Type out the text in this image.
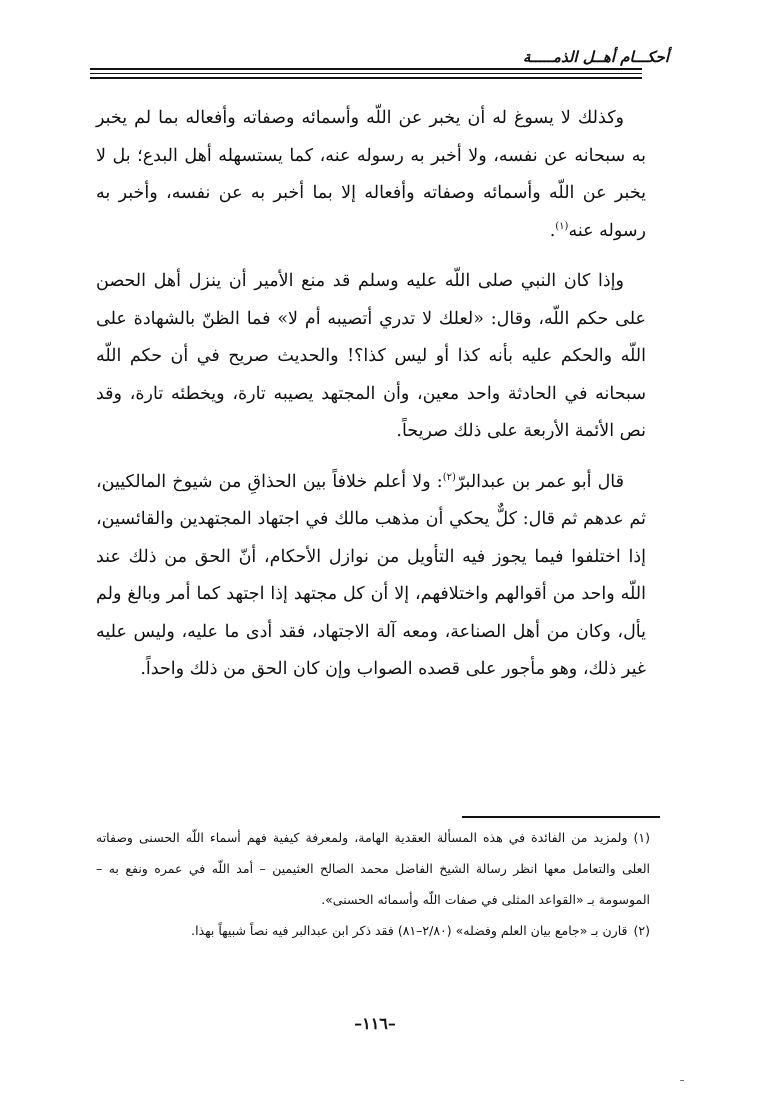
أحكـــام أهــل الذمـــــة

وكذلك لا يسوغ له أن يخبر عن اللّه وأسمائه وصفاته وأفعاله بما لم يخبر به سبحانه عن نفسه، ولا أخبر به رسوله عنه، كما يستسهله أهل البدع؛ بل لا يخبر عن اللّه وأسمائه وصفاته وأفعاله إلا بما أخبر به عن نفسه، وأخبر به رسوله عنه$^{(١)}$.

وإذا كان النبي صلى اللّه عليه وسلم قد منع الأمير أن ينزل أهل الحصن على حكم اللّه، وقال: «لعلك لا تدري أتصيبه أم لا» فما الظنّ بالشهادة على اللّه والحكم عليه بأنه كذا أو ليس كذا؟! والحديث صريح في أن حكم اللّه سبحانه في الحادثة واحد معين، وأن المجتهد يصيبه تارة، ويخطئه تارة، وقد نص الأئمة الأربعة على ذلك صريحاً.

قال أبو عمر بن عبدالبرّ$^{(٢)}$: ولا أعلم خلافاً بين الحذاقِ من شيوخ المالكيين، ثم عدهم ثم قال: كلٌّ يحكي أن مذهب مالك في اجتهاد المجتهدين والقائسين، إذا اختلفوا فيما يجوز فيه التأويل من نوازل الأحكام، أنّ الحق من ذلك عند اللّه واحد من أقوالهم واختلافهم، إلا أن كل مجتهد إذا اجتهد كما أمر وبالغ ولم يأل، وكان من أهل الصناعة، ومعه آلة الاجتهاد، فقد أدى ما عليه، وليس عليه غير ذلك، وهو مأجور على قصده الصواب وإن كان الحق من ذلك واحداً.

(١)ولمزيد من الفائدة في هذه المسألة العقدية الهامة، ولمعرفة كيفية فهم أسماء اللّه الحسنى وصفاته العلى والتعامل معها انظر رسالة الشيخ الفاضل محمد الصالح العثيمين – أمد اللّه في عمره ونفع به – الموسومة بـ «القواعد المثلى في صفات اللّه وأسمائه الحسنى».

(٢)قارن بـ «جامع بيان العلم وفضله» (٢/٨٠–٨١) فقد ذكر ابن عبدالبر فيه نصاً شبيهاً بهذا.

–١١٦–
